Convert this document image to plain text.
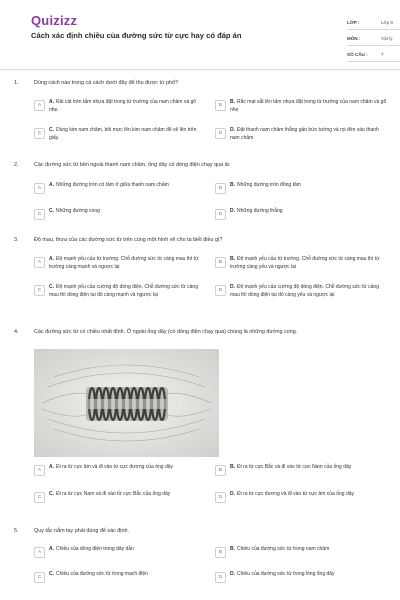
Quizizz
Cách xác định chiều của đường sức từ cực hay có đáp án
LỚP :	Lớp 9
MÔN :	Vật lý
SỐ CÂU :	7
1.	Dùng cách nào trong cá cách dưới đây để thu được từ phổ?
A
A. Rải cát trên tấm nhựa đặt trong từ trường của nam châm và gõ nhẹ.
B
B. Rắc mạt sắt lên tấm nhựa đặt trong từ trường của nam châm và gõ nhẹ
C
C. Dùng kim nam châm, bôi mực lên kim nam châm để vẽ lên trên giấy.
D
D. Đặt thanh nam châm thẳng gần bức tường và rọi đèn vào thanh nam châm
2.	Các đường sức từ bên ngoài thanh nam châm, ống dây có dòng điện chạy qua là:
A
A. Những đường tròn có tâm ở giữa thanh nam châm
B
B. Những đường tròn đồng tâm
C
C. Những đường cong
D
D. Những đường thẳng
3.	Độ mau, thưa của các đường sức từ trên cùng một hình vẽ cho ta biết điều gì?
A
A. Độ mạnh yếu của từ trường. Chỗ đường sức từ càng mau thì từ trường càng mạnh và ngược lại
B
B. Độ mạnh yếu của từ trường. Chỗ đường sức từ càng mau thì từ trường càng yếu và ngược lại
C
C. Độ mạnh yếu của cường độ dòng điện. Chỗ đường sức từ càng mau thì dòng điện tại đó càng mạnh và ngược lại
D
D. Độ mạnh yếu của cường độ dòng điện. Chỗ đường sức từ càng mau thì dòng điện tại đó càng yếu và ngược lại
4.	Các đường sức từ có chiều nhất định. Ở ngoài ống dây (có dòng điện chạy qua) chúng là những đường cong.
A
A. Đi ra từ cực âm và đi vào từ cực dương của ống dây
B
B. Đi ra từ cực Bắc và đi vào từ cực Nam của ống dây
C
C. Đi ra từ cực Nam và đi vào từ cực Bắc của ống dây
D
D. Đi ra từ cực dương và đi vào từ cực âm của ống dây
5.	Quy tắc nắm tay phải dùng để xác định.
A
A. Chiều của dòng điện trong dây dẫn
B
B. Chiều của đường sức từ trong nam châm
C
C. Chiều của đường sức từ trong mạch điện
D
D. Chiều của đường sức từ trong lòng ống dây
